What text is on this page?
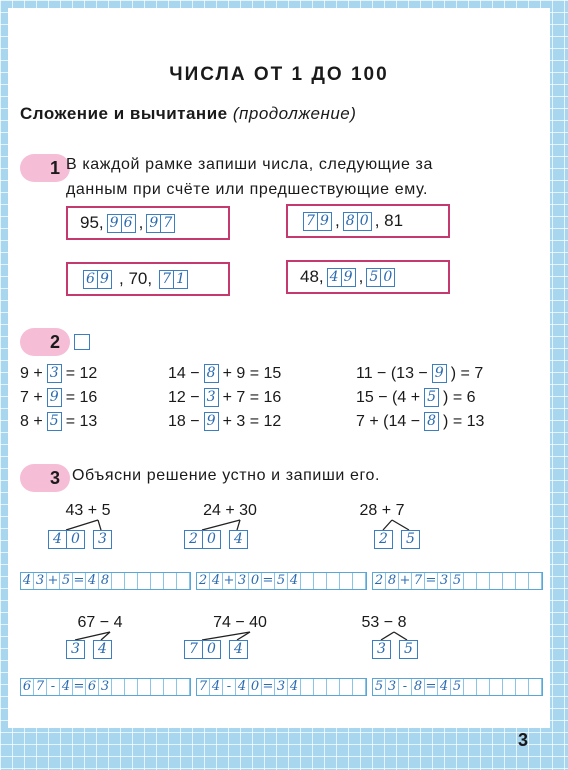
ЧИСЛА ОТ 1 ДО 100
Сложение и вычитание (продолжение)
1 В каждой рамке запиши числа, следующие за
данным при счёте или предшествующие ему.
95, 9 6 , 9 7
6 9 , 70, 7 1
7 9 , 8 0 , 81
48, 4 9 , 5 0
2
9 + 3 = 12	14 − 8 + 9 = 15	11 − (13 − 9 ) = 7
7 + 9 = 16	12 − 3 + 7 = 16	15 − (4 + 5 ) = 6
8 + 5 = 13	18 − 9 + 3 = 12	7 + (14 − 8 ) = 13
3 Объясни решение устно и запиши его.
43 + 5
4 0 3
4 3 + 5 = 4 8
24 + 30
2 0 4
2 4 + 3 0 = 5 4
28 + 7
2 5
2 8 + 7 = 3 5
67 − 4
3 4
6 7 - 4 = 6 3
74 − 40
7 0 4
7 4 - 4 0 = 3 4
53 − 8
3 5
5 3 - 8 = 4 5
3
